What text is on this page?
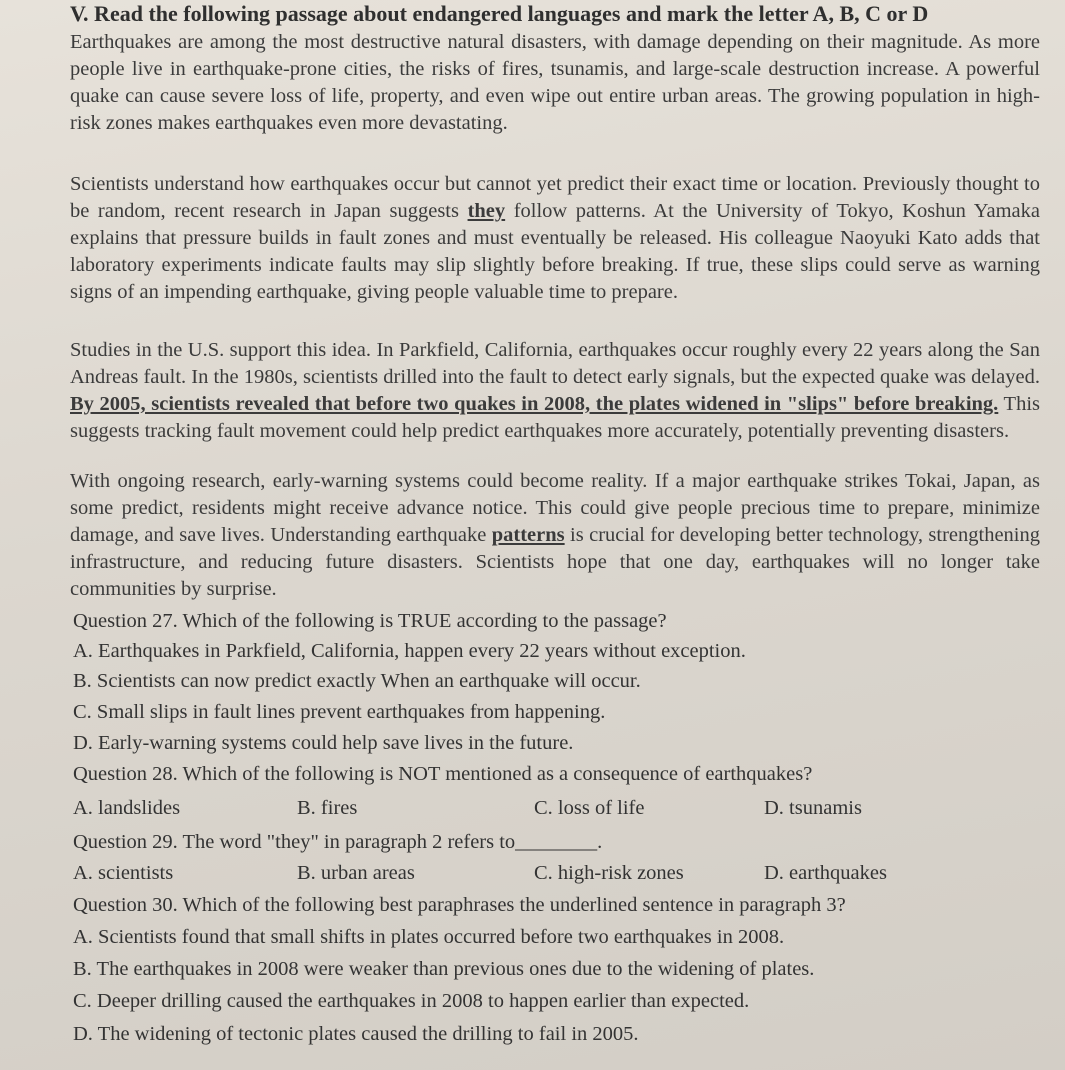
V. Read the following passage about endangered languages and mark the letter A, B, C or D

Earthquakes are among the most destructive natural disasters, with damage depending on their magnitude. As more people live in earthquake-prone cities, the risks of fires, tsunamis, and large-scale destruction increase. A powerful quake can cause severe loss of life, property, and even wipe out entire urban areas. The growing population in high-risk zones makes earthquakes even more devastating.

Scientists understand how earthquakes occur but cannot yet predict their exact time or location. Previously thought to be random, recent research in Japan suggests they follow patterns. At the University of Tokyo, Koshun Yamaka explains that pressure builds in fault zones and must eventually be released. His colleague Naoyuki Kato adds that laboratory experiments indicate faults may slip slightly before breaking. If true, these slips could serve as warning signs of an impending earthquake, giving people valuable time to prepare.

Studies in the U.S. support this idea. In Parkfield, California, earthquakes occur roughly every 22 years along the San Andreas fault. In the 1980s, scientists drilled into the fault to detect early signals, but the expected quake was delayed. By 2005, scientists revealed that before two quakes in 2008, the plates widened in "slips" before breaking. This suggests tracking fault movement could help predict earthquakes more accurately, potentially preventing disasters.

With ongoing research, early-warning systems could become reality. If a major earthquake strikes Tokai, Japan, as some predict, residents might receive advance notice. This could give people precious time to prepare, minimize damage, and save lives. Understanding earthquake patterns is crucial for developing better technology, strengthening infrastructure, and reducing future disasters. Scientists hope that one day, earthquakes will no longer take communities by surprise.

Question 27. Which of the following is TRUE according to the passage?
A. Earthquakes in Parkfield, California, happen every 22 years without exception.
B. Scientists can now predict exactly When an earthquake will occur.
C. Small slips in fault lines prevent earthquakes from happening.
D. Early-warning systems could help save lives in the future.
Question 28. Which of the following is NOT mentioned as a consequence of earthquakes?
A. landslides	B. fires	C. loss of life	D. tsunamis
Question 29. The word "they" in paragraph 2 refers to________.
A. scientists	B. urban areas	C. high-risk zones	D. earthquakes
Question 30. Which of the following best paraphrases the underlined sentence in paragraph 3?
A. Scientists found that small shifts in plates occurred before two earthquakes in 2008.
B. The earthquakes in 2008 were weaker than previous ones due to the widening of plates.
C. Deeper drilling caused the earthquakes in 2008 to happen earlier than expected.
D. The widening of tectonic plates caused the drilling to fail in 2005.
